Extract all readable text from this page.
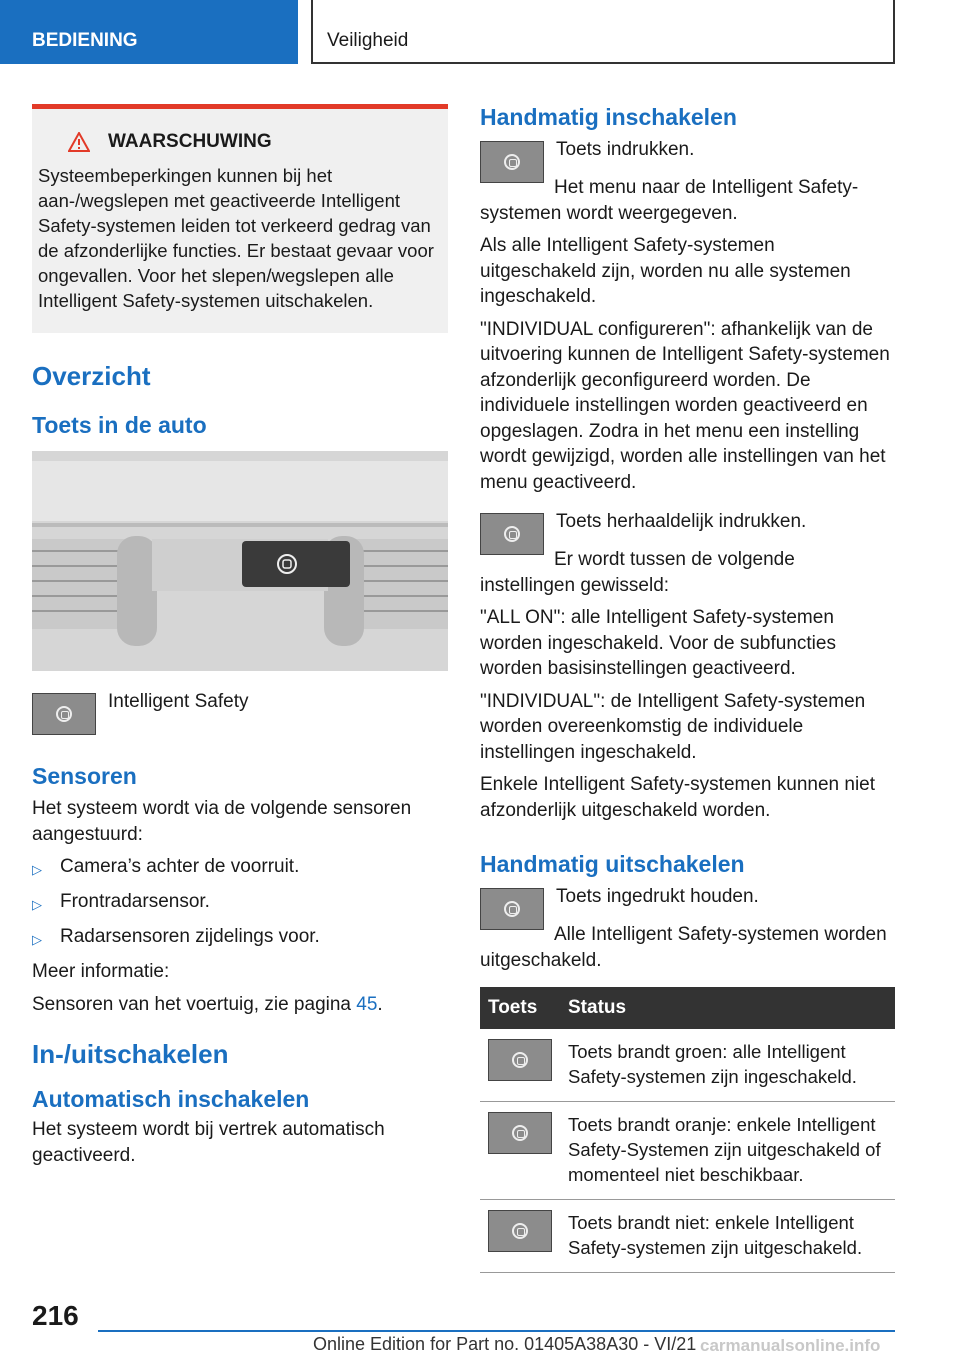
BEDIENING	Veiligheid
WAARSCHUWING

Systeembeperkingen kunnen bij het aan-/wegslepen met geactiveerde Intelligent Safety-systemen leiden tot verkeerd gedrag van de afzonderlijke functies. Er bestaat gevaar voor ongevallen. Voor het slepen/wegslepen alle Intelligent Safety-systemen uitschakelen.

Overzicht
Toets in de auto

Intelligent Safety

Sensoren

Het systeem wordt via de volgende sensoren aangestuurd:

▷ Camera’s achter de voorruit.
▷ Frontradarsensor.
▷ Radarsensoren zijdelings voor.

Meer informatie:

Sensoren van het voertuig, zie pagina 45.

In-/uitschakelen
Automatisch inschakelen

Het systeem wordt bij vertrek automatisch geactiveerd.

Handmatig inschakelen

Toets indrukken.

Het menu naar de Intelligent Safety-systemen wordt weergegeven.

Als alle Intelligent Safety-systemen uitgeschakeld zijn, worden nu alle systemen ingeschakeld.

"INDIVIDUAL configureren": afhankelijk van de uitvoering kunnen de Intelligent Safety-systemen afzonderlijk geconfigureerd worden. De individuele instellingen worden geactiveerd en opgeslagen. Zodra in het menu een instelling wordt gewijzigd, worden alle instellingen van het menu geactiveerd.

Toets herhaaldelijk indrukken.

Er wordt tussen de volgende instellingen gewisseld:

"ALL ON": alle Intelligent Safety-systemen worden ingeschakeld. Voor de subfuncties worden basisinstellingen geactiveerd.

"INDIVIDUAL": de Intelligent Safety-systemen worden overeenkomstig de individuele instellingen ingeschakeld.

Enkele Intelligent Safety-systemen kunnen niet afzonderlijk uitgeschakeld worden.

Handmatig uitschakelen

Toets ingedrukt houden.

Alle Intelligent Safety-systemen worden uitgeschakeld.

Toets	Status

	Toets brandt groen: alle Intelligent Safety-systemen zijn ingeschakeld.

	Toets brandt oranje: enkele Intelligent Safety-Systemen zijn uitgeschakeld of momenteel niet beschikbaar.

	Toets brandt niet: enkele Intelligent Safety-systemen zijn uitgeschakeld.
216
Online Edition for Part no. 01405A38A30 - VI/21 carmanualsonline.info
